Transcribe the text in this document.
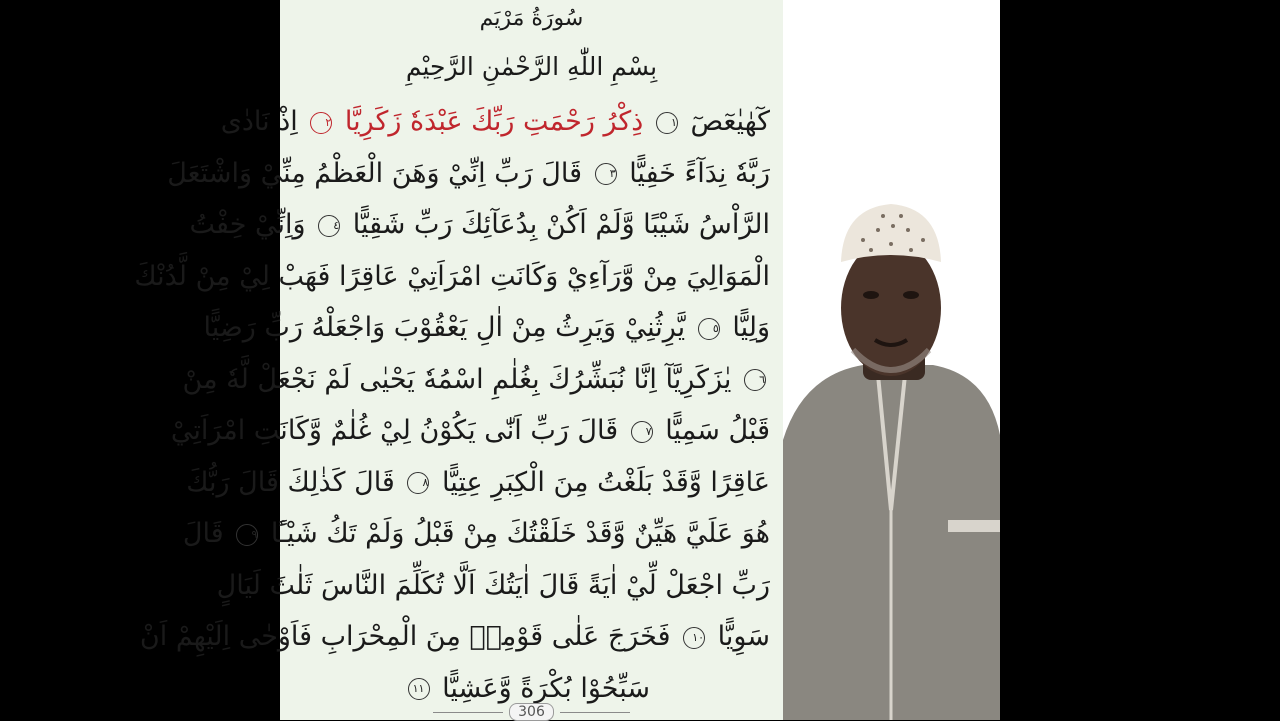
سُورَةُ مَرْيَم
بِسْمِ اللّٰهِ الرَّحْمٰنِ الرَّحِيْمِ
كٓهٰيٰعٓصٓ ١ ذِكْرُ رَحْمَتِ رَبِّكَ عَبْدَهٗ زَكَرِيَّا ٢ اِذْ نَادٰى
رَبَّهٗ نِدَآءً خَفِيًّا ٣ قَالَ رَبِّ اِنِّيْ وَهَنَ الْعَظْمُ مِنِّيْ وَاشْتَعَلَ
الرَّاْسُ شَيْبًا وَّلَمْ اَكُنْ بِدُعَآئِكَ رَبِّ شَقِيًّا ٤ وَاِنِّيْ خِفْتُ
الْمَوَالِيَ مِنْ وَّرَآءِيْ وَكَانَتِ امْرَاَتِيْ عَاقِرًا فَهَبْ لِيْ مِنْ لَّدُنْكَ
وَلِيًّا ٥ يَّرِثُنِيْ وَيَرِثُ مِنْ اٰلِ يَعْقُوْبَ وَاجْعَلْهُ رَبِّ رَضِيًّا
٦ يٰزَكَرِيَّآ اِنَّا نُبَشِّرُكَ بِغُلٰمِ اسْمُهٗ يَحْيٰى لَمْ نَجْعَلْ لَّهٗ مِنْ
قَبْلُ سَمِيًّا ٧ قَالَ رَبِّ اَنّٰى يَكُوْنُ لِيْ غُلٰمٌ وَّكَانَتِ امْرَاَتِيْ
عَاقِرًا وَّقَدْ بَلَغْتُ مِنَ الْكِبَرِ عِتِيًّا ٨ قَالَ كَذٰلِكَ قَالَ رَبُّكَ
هُوَ عَلَيَّ هَيِّنٌ وَّقَدْ خَلَقْتُكَ مِنْ قَبْلُ وَلَمْ تَكُ شَيْـًٔا ٩ قَالَ
رَبِّ اجْعَلْ لِّيْ اٰيَةً قَالَ اٰيَتُكَ اَلَّا تُكَلِّمَ النَّاسَ ثَلٰثَ لَيَالٍ
سَوِيًّا ١٠ فَخَرَجَ عَلٰى قَوْمِهٖ مِنَ الْمِحْرَابِ فَاَوْحٰى اِلَيْهِمْ اَنْ
سَبِّحُوْا بُكْرَةً وَّعَشِيًّا ١١
306
